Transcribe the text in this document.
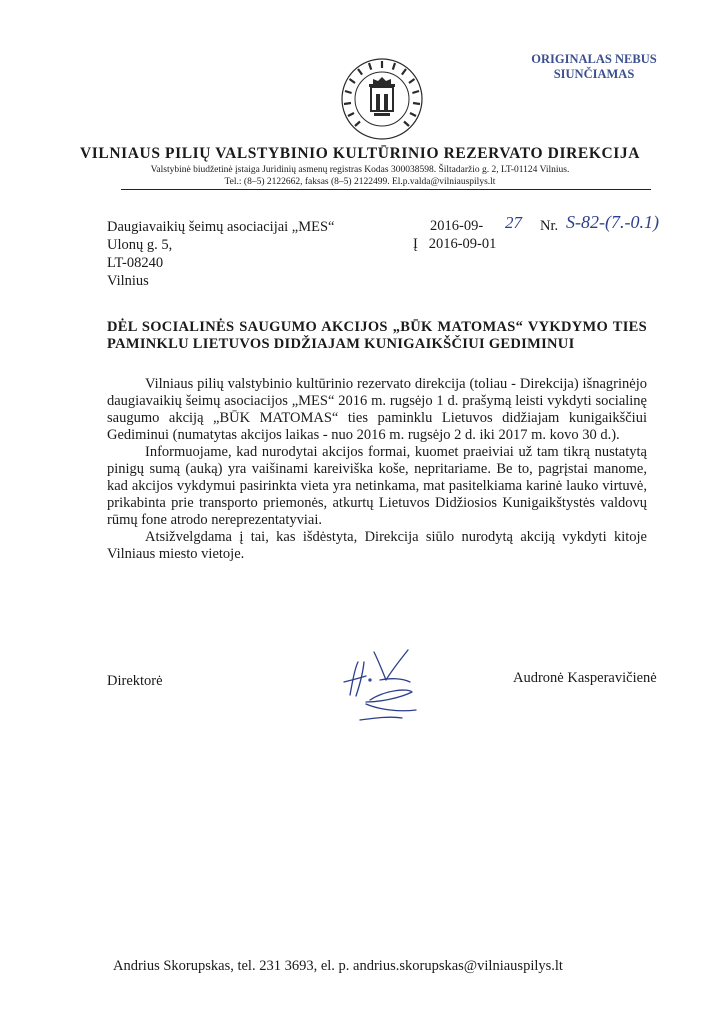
ORIGINALAS NEBUS
SIUNČIAMAS
VILNIAUS PILIŲ VALSTYBINIO KULTŪRINIO REZERVATO DIREKCIJA
Valstybinė biudžetinė įstaiga Juridinių asmenų registras Kodas 300038598. Šiltadaržio g. 2, LT-01124 Vilnius.
Tel.: (8–5) 2122662, faksas (8–5) 2122499. El.p.valda@vilniauspilys.lt
Daugiavaikių šeimų asociacijai „MES“
Ulonų g. 5,
LT-08240
Vilnius
2016-09- 27 Nr. S-82-(7.-0.1)
Į 2016-09-01
DĖL SOCIALINĖS SAUGUMO AKCIJOS „BŪK MATOMAS“ VYKDYMO TIES
PAMINKLU LIETUVOS DIDŽIAJAM KUNIGAIKŠČIUI GEDIMINUI

Vilniaus pilių valstybinio kultūrinio rezervato direkcija (toliau - Direkcija) išnagrinėjo daugiavaikių šeimų asociacijos „MES“ 2016 m. rugsėjo 1 d. prašymą leisti vykdyti socialinę saugumo akciją „BŪK MATOMAS“ ties paminklu Lietuvos didžiajam kunigaikščiui Gediminui (numatytas akcijos laikas - nuo 2016 m. rugsėjo 2 d. iki 2017 m. kovo 30 d.).

Informuojame, kad nurodytai akcijos formai, kuomet praeiviai už tam tikrą nustatytą pinigų sumą (auką) yra vaišinami kareiviška koše, nepritariame. Be to, pagrįstai manome, kad akcijos vykdymui pasirinkta vieta yra netinkama, mat pasitelkiama karinė lauko virtuvė, prikabinta prie transporto priemonės, atkurtų Lietuvos Didžiosios Kunigaikštystės valdovų rūmų fone atrodo nereprezentatyviai.

Atsižvelgdama į tai, kas išdėstyta, Direkcija siūlo nurodytą akciją vykdyti kitoje Vilniaus miesto vietoje.

Direktorė	Audronė Kasperavičienė
Andrius Skorupskas, tel. 231 3693, el. p. andrius.skorupskas@vilniauspilys.lt
